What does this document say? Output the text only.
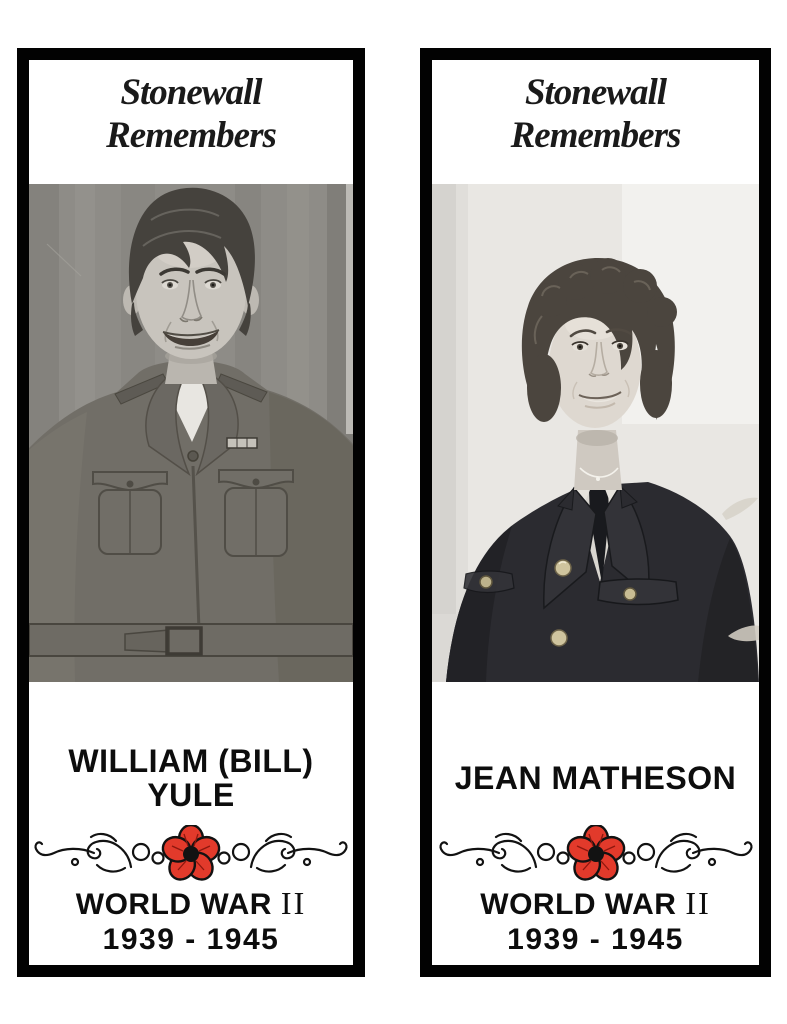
Stonewall
Remembers
WILLIAM (BILL)
YULE
WORLD WAR II
1939 - 1945
Stonewall
Remembers
JEAN MATHESON
WORLD WAR II
1939 - 1945
